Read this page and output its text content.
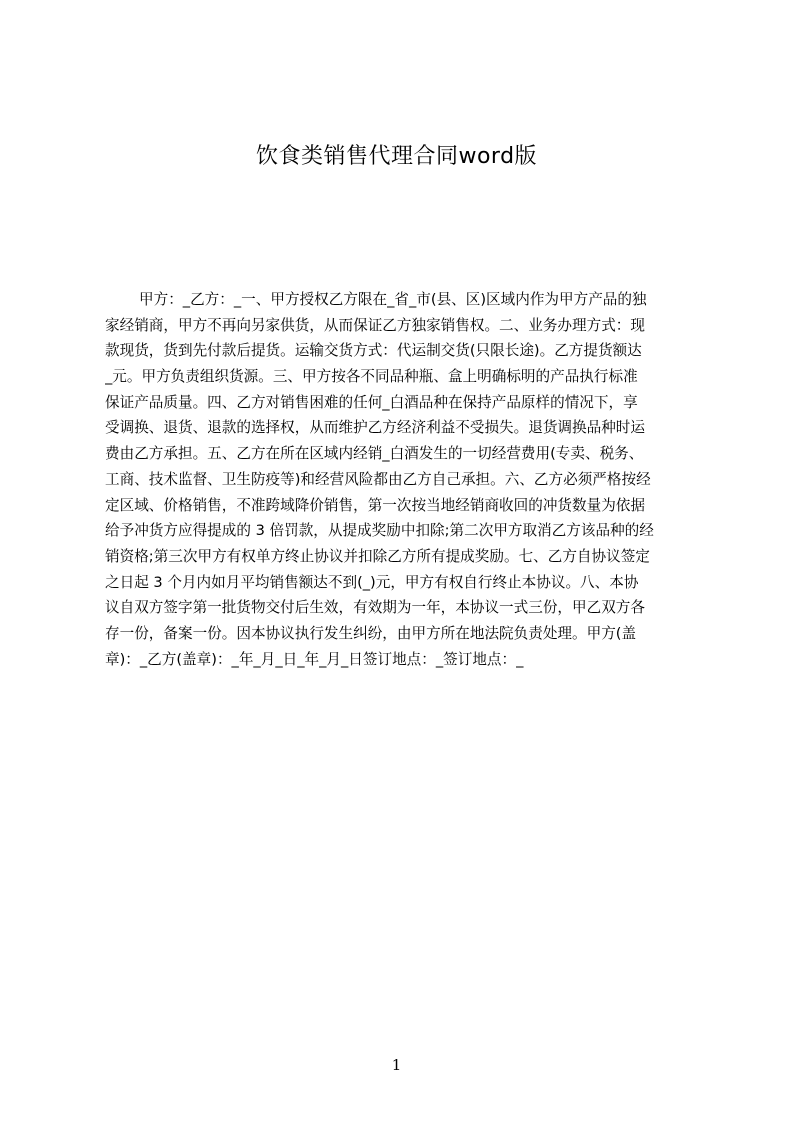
饮食类销售代理合同word版
甲方：_乙方：_一、甲方授权乙方限在_省_市(县、区)区域内作为甲方产品的独
家经销商，甲方不再向另家供货，从而保证乙方独家销售权。二、业务办理方式：现
款现货，货到先付款后提货。运输交货方式：代运制交货(只限长途)。乙方提货额达
_元。甲方负责组织货源。三、甲方按各不同品种瓶、盒上明确标明的产品执行标准
保证产品质量。四、乙方对销售困难的任何_白酒品种在保持产品原样的情况下，享
受调换、退货、退款的选择权，从而维护乙方经济利益不受损失。退货调换品种时运
费由乙方承担。五、乙方在所在区域内经销_白酒发生的一切经营费用(专卖、税务、
工商、技术监督、卫生防疫等)和经营风险都由乙方自己承担。六、乙方必须严格按经
定区域、价格销售，不准跨域降价销售，第一次按当地经销商收回的冲货数量为依据
给予冲货方应得提成的 3 倍罚款，从提成奖励中扣除;第二次甲方取消乙方该品种的经
销资格;第三次甲方有权单方终止协议并扣除乙方所有提成奖励。七、乙方自协议签定
之日起 3 个月内如月平均销售额达不到(_)元，甲方有权自行终止本协议。八、本协
议自双方签字第一批货物交付后生效，有效期为一年，本协议一式三份，甲乙双方各
存一份，备案一份。因本协议执行发生纠纷，由甲方所在地法院负责处理。甲方(盖
章)：_乙方(盖章)：_年_月_日_年_月_日签订地点：_签订地点：_
1
